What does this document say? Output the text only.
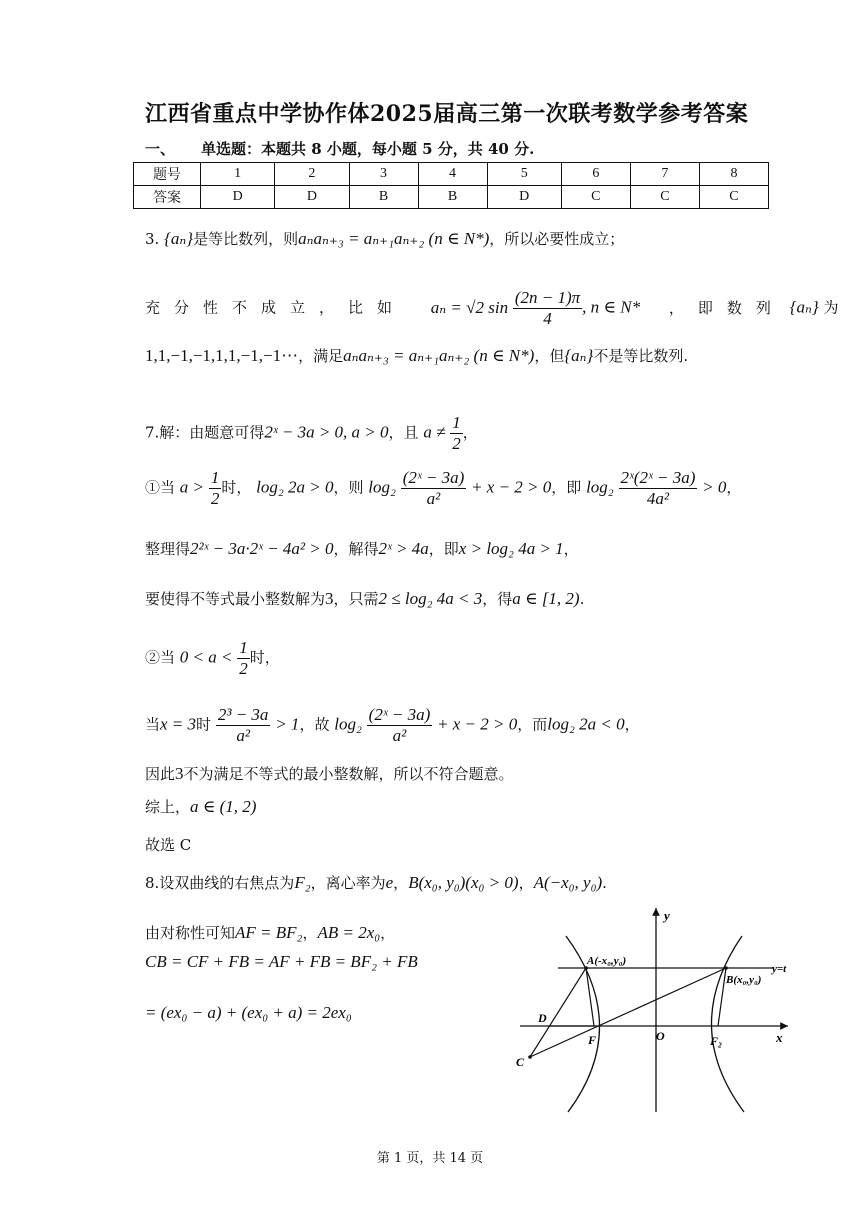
江西省重点中学协作体2025届高三第一次联考数学参考答案
一、 单选题：本题共 8 小题，每小题 5 分，共 40 分.
题号	1	2	3	4	5	6	7	8
答案	D	D	B	B	D	C	C	C
3. {aₙ}是等比数列，则aₙaₙ₊₃ = aₙ₊₁aₙ₊₂ (n ∈ N*)，所以必要性成立；
充分性不成立，比如 aₙ = √2 $\sin \frac{(2n - 1)\pi}{4}$ , n ∈ N* ，即数列 {aₙ} 为
1,1,−1,−1,1,1,−1,−1⋯，满足aₙaₙ₊₃ = aₙ₊₁aₙ₊₂ (n ∈ N*)，但{aₙ}不是等比数列.
7.解：由题意可得2ˣ − 3a > 0, a > 0，且 $a \ne \frac{1}{2}$ ，
①当 $a > \frac{1}{2}$ 时， log₂ 2a > 0，则 $\log_2 \frac{\text{(2ˣ − 3a)}}{\text{a²}} + x - 2 > 0$，即 $\log_2 \frac{\text{2ˣ(2ˣ − 3a)}}{\text{4a²}} > 0$，
整理得2²ˣ − 3a·2ˣ − 4a² > 0，解得2ˣ > 4a，即x > log₂ 4a > 1，
要使得不等式最小整数解为3，只需2 ≤ log₂ 4a < 3，得a ∈ [1, 2).
②当 $0 < a < \frac{1}{2}$ 时，
当x = 3时 $\frac{\text{2³ − 3a}}{\text{a²}} > 1$，故 $\log_2 \frac{\text{(2ˣ − 3a)}}{\text{a²}} + x - 2 > 0$，而log₂ 2a < 0，
因此3不为满足不等式的最小整数解，所以不符合题意。
综上，a ∈ (1, 2)
故选 C
8.设双曲线的右焦点为F₂，离心率为e，B(x₀, y₀)(x₀ > 0)，A(−x₀, y₀).
由对称性可知AF = BF₂，AB = 2x₀，
CB = CF + FB = AF + FB = BF₂ + FB
= (ex₀ − a) + (ex₀ + a) = 2ex₀
y
x
O
A(-x₀,y₀)
B(x₀,y₀)
y=t
D
F	F₂
C
第 1 页，共 14 页
